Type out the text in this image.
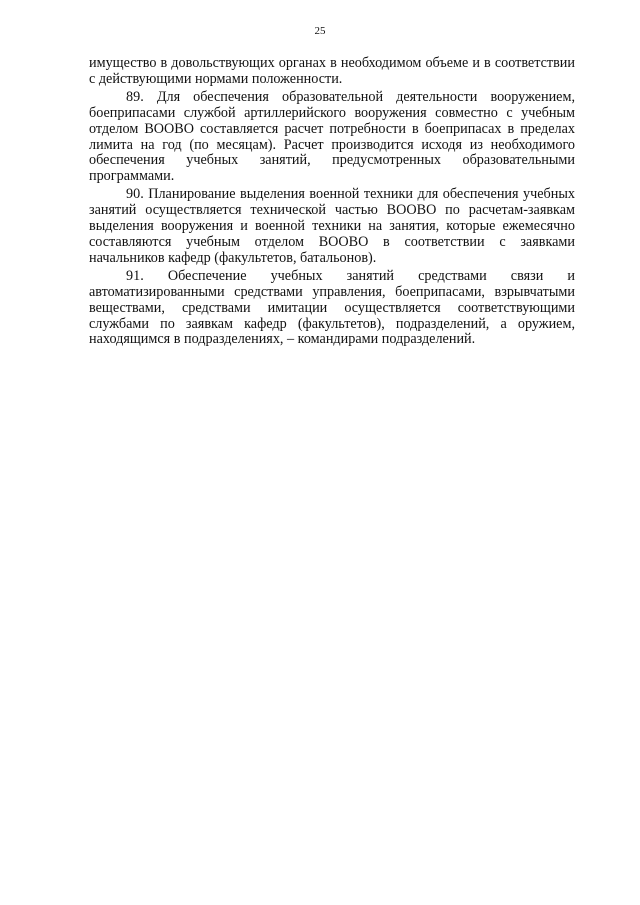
25

имущество в довольствующих органах в необходимом объеме и в соответствии с действующими нормами положенности.

89. Для обеспечения образовательной деятельности вооружением, боеприпасами службой артиллерийского вооружения совместно с учебным отделом ВООВО составляется расчет потребности в боеприпасах в пределах лимита на год (по месяцам). Расчет производится исходя из необходимого обеспечения учебных занятий, предусмотренных образовательными программами.

90. Планирование выделения военной техники для обеспечения учебных занятий осуществляется технической частью ВООВО по расчетам-заявкам выделения вооружения и военной техники на занятия, которые ежемесячно составляются учебным отделом ВООВО в соответствии с заявками начальников кафедр (факультетов, батальонов).

91. Обеспечение учебных занятий средствами связи и автоматизированными средствами управления, боеприпасами, взрывчатыми веществами, средствами имитации осуществляется соответствующими службами по заявкам кафедр (факультетов), подразделений, а оружием, находящимся в подразделениях, – командирами подразделений.
